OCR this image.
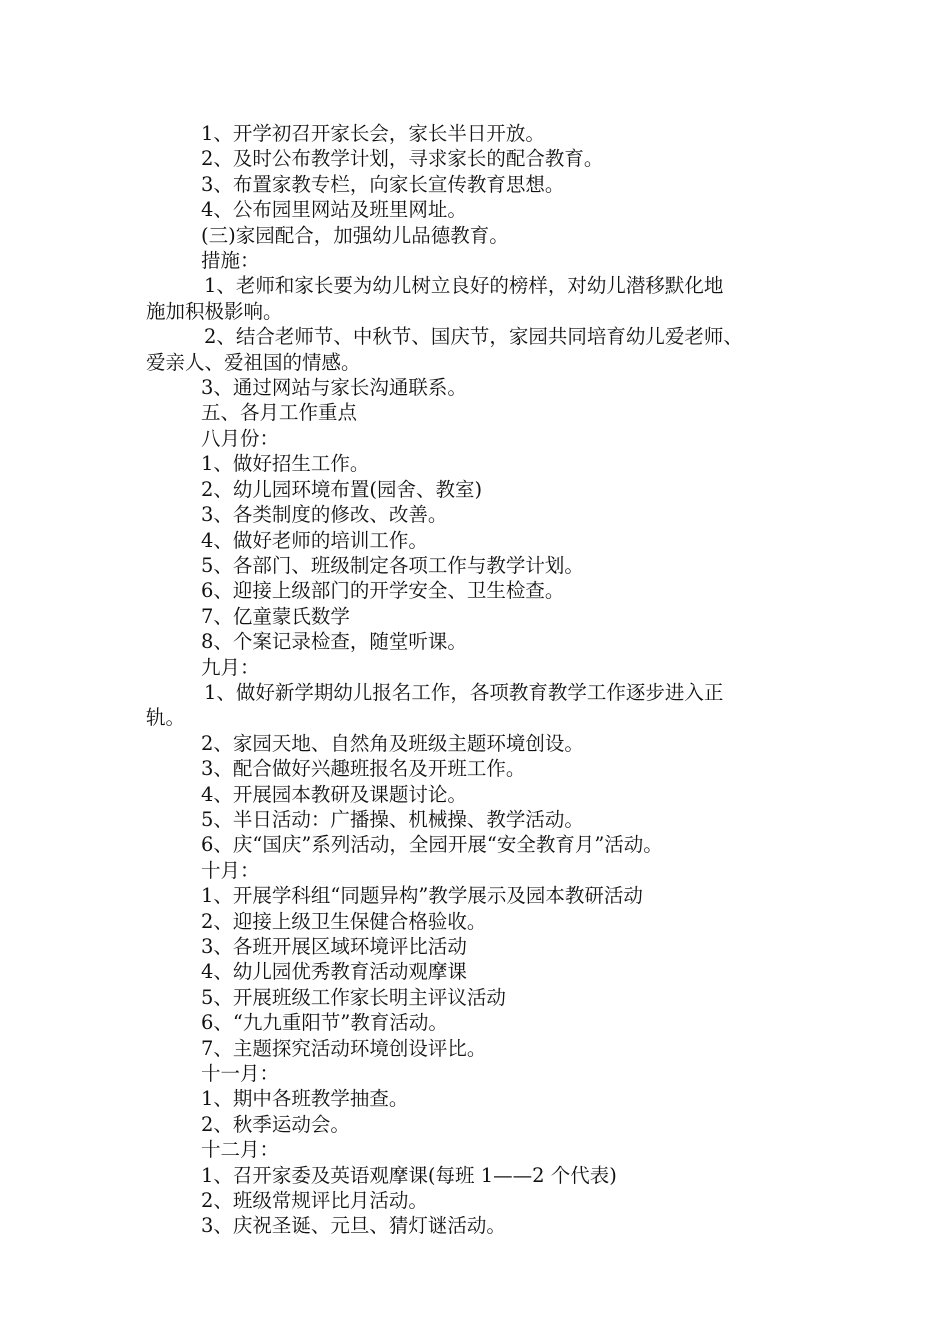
1、开学初召开家长会，家长半日开放。

2、及时公布教学计划，寻求家长的配合教育。

3、布置家教专栏，向家长宣传教育思想。

4、公布园里网站及班里网址。

(三)家园配合，加强幼儿品德教育。

措施：

1、老师和家长要为幼儿树立良好的榜样，对幼儿潜移默化地

施加积极影响。

2、结合老师节、中秋节、国庆节，家园共同培育幼儿爱老师、

爱亲人、爱祖国的情感。

3、通过网站与家长沟通联系。

五、各月工作重点

八月份：

1、做好招生工作。

2、幼儿园环境布置(园舍、教室)

3、各类制度的修改、改善。

4、做好老师的培训工作。

5、各部门、班级制定各项工作与教学计划。

6、迎接上级部门的开学安全、卫生检查。

7、亿童蒙氏数学

8、个案记录检查，随堂听课。

九月：

1、做好新学期幼儿报名工作，各项教育教学工作逐步进入正

轨。

2、家园天地、自然角及班级主题环境创设。

3、配合做好兴趣班报名及开班工作。

4、开展园本教研及课题讨论。

5、半日活动：广播操、机械操、教学活动。

6、庆“国庆”系列活动，全园开展“安全教育月”活动。

十月：

1、开展学科组“同题异构”教学展示及园本教研活动

2、迎接上级卫生保健合格验收。

3、各班开展区域环境评比活动

4、幼儿园优秀教育活动观摩课

5、开展班级工作家长明主评议活动

6、“九九重阳节”教育活动。

7、主题探究活动环境创设评比。

十一月：

1、期中各班教学抽查。

2、秋季运动会。

十二月：

1、召开家委及英语观摩课(每班 1——2 个代表)

2、班级常规评比月活动。

3、庆祝圣诞、元旦、猜灯谜活动。
